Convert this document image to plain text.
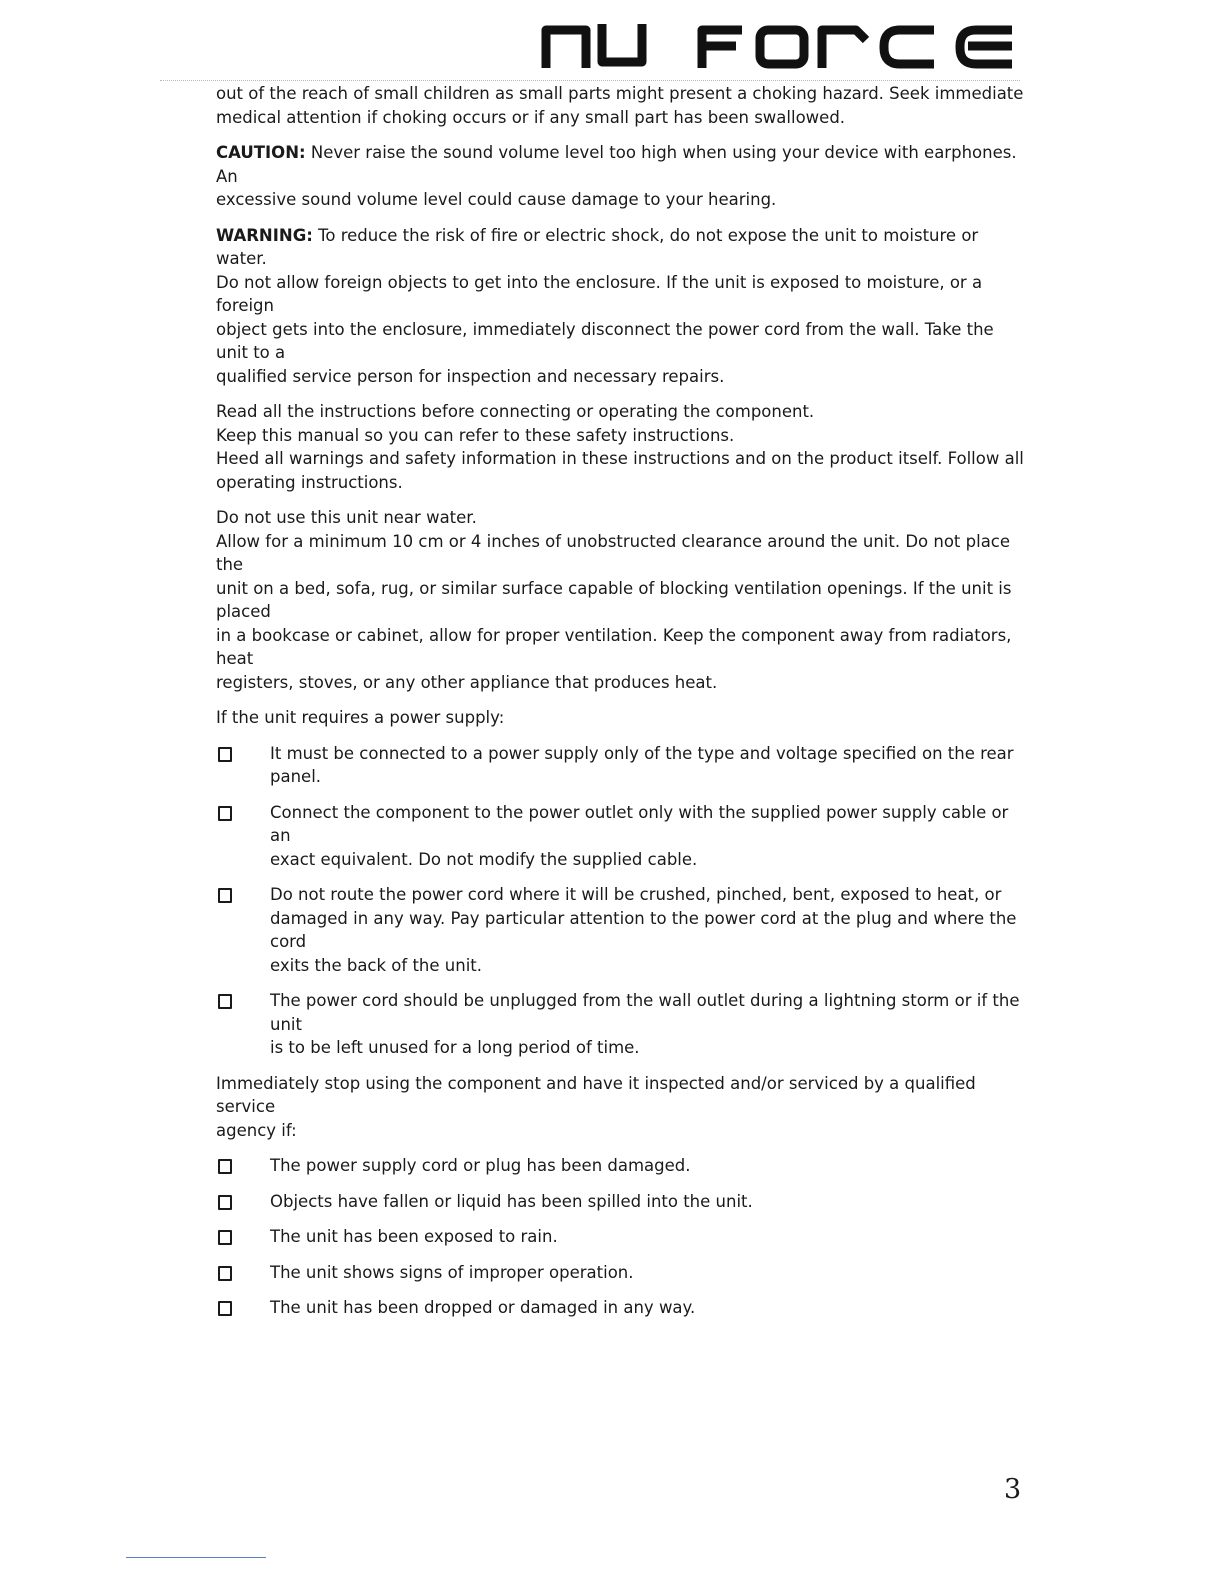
out of the reach of small children as small parts might present a choking hazard. Seek immediate
medical attention if choking occurs or if any small part has been swallowed.

CAUTION: Never raise the sound volume level too high when using your device with earphones. An
excessive sound volume level could cause damage to your hearing.

WARNING: To reduce the risk of fire or electric shock, do not expose the unit to moisture or water.
Do not allow foreign objects to get into the enclosure. If the unit is exposed to moisture, or a foreign
object gets into the enclosure, immediately disconnect the power cord from the wall. Take the unit to a
qualified service person for inspection and necessary repairs.

Read all the instructions before connecting or operating the component.
Keep this manual so you can refer to these safety instructions.
Heed all warnings and safety information in these instructions and on the product itself. Follow all
operating instructions.

Do not use this unit near water.
Allow for a minimum 10 cm or 4 inches of unobstructed clearance around the unit. Do not place the
unit on a bed, sofa, rug, or similar surface capable of blocking ventilation openings. If the unit is placed
in a bookcase or cabinet, allow for proper ventilation. Keep the component away from radiators, heat
registers, stoves, or any other appliance that produces heat.

If the unit requires a power supply:

It must be connected to a power supply only of the type and voltage specified on the rear panel.
Connect the component to the power outlet only with the supplied power supply cable or an
exact equivalent. Do not modify the supplied cable.
Do not route the power cord where it will be crushed, pinched, bent, exposed to heat, or
damaged in any way. Pay particular attention to the power cord at the plug and where the cord
exits the back of the unit.
The power cord should be unplugged from the wall outlet during a lightning storm or if the unit
is to be left unused for a long period of time.

Immediately stop using the component and have it inspected and/or serviced by a qualified service
agency if:

The power supply cord or plug has been damaged.
Objects have fallen or liquid has been spilled into the unit.
The unit has been exposed to rain.
The unit shows signs of improper operation.
The unit has been dropped or damaged in any way.
3
